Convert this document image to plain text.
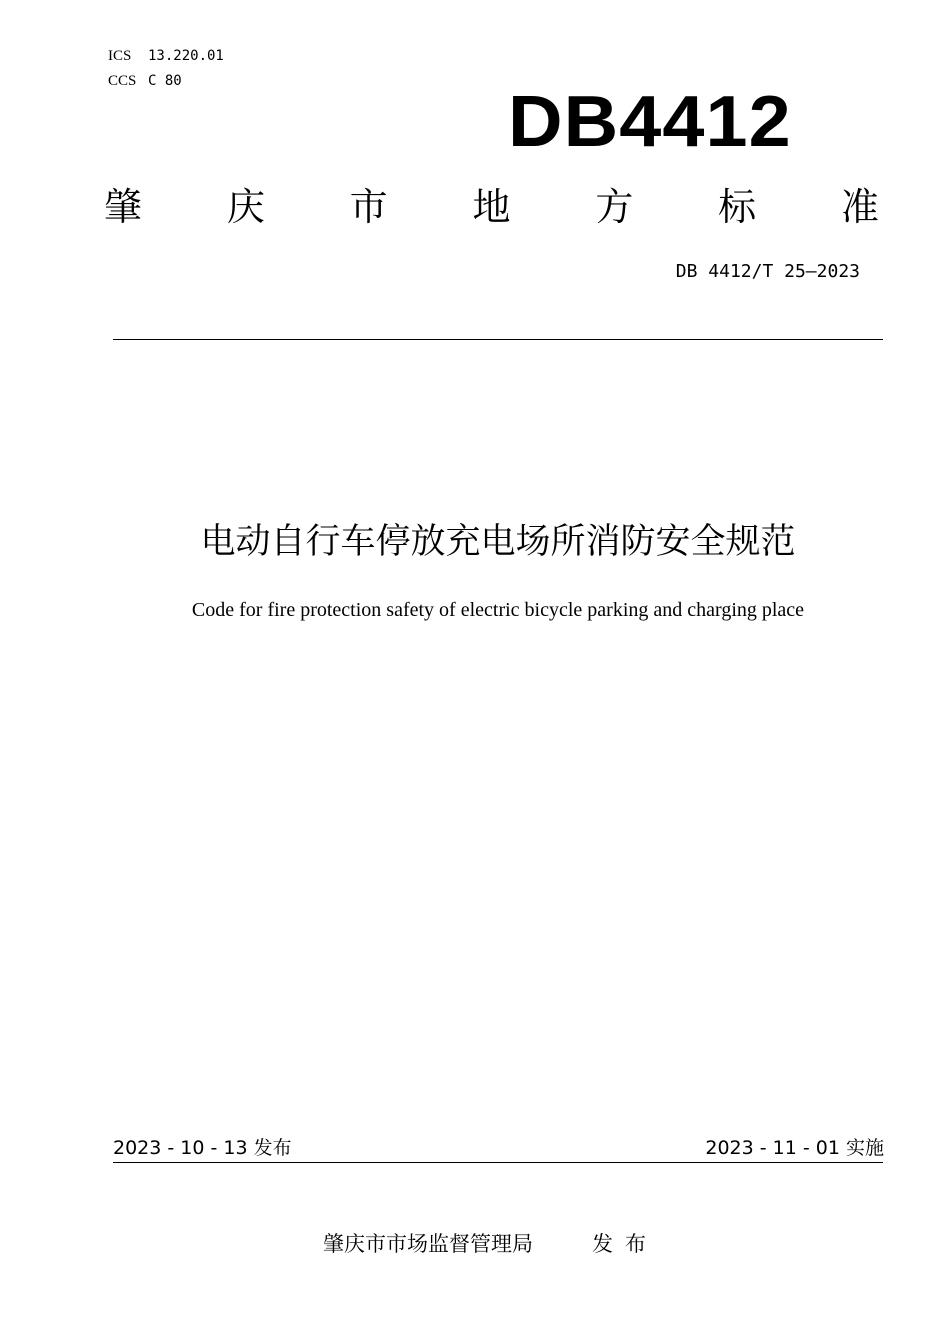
ICS 13.220.01
CCS C 80
DB4412
肇 庆 市 地 方 标 准
DB 4412/T 25—2023
电动自行车停放充电场所消防安全规范
Code for fire protection safety of electric bicycle parking and charging place
2023 - 10 - 13 发布	2023 - 11 - 01 实施
肇庆市市场监督管理局	发布
